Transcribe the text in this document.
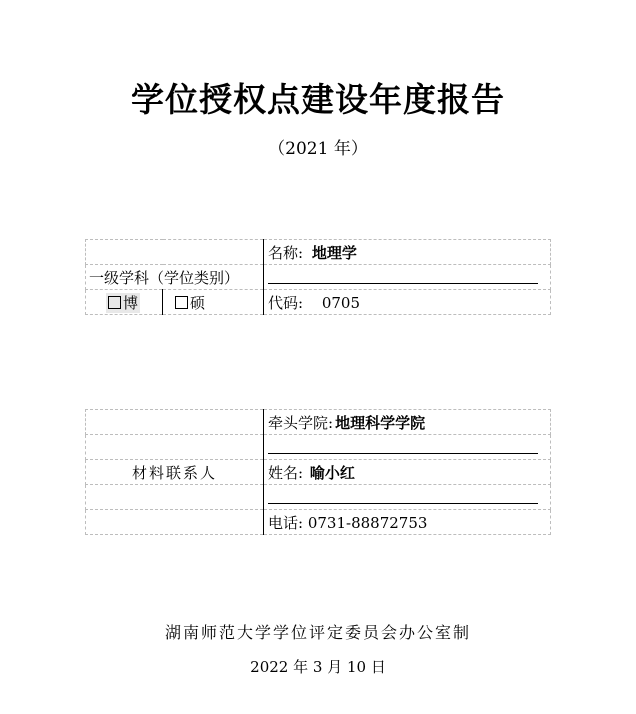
学位授权点建设年度报告
（2021 年）
		名称: 地理学
一级学科（学位类别）		

博	硕	代码: 0705
	牵头学院: 地理科学学院

材料联系人	姓名: 喻小红

	电话: 0731-88872753
湖南师范大学学位评定委员会办公室制
2022 年 3 月 10 日
